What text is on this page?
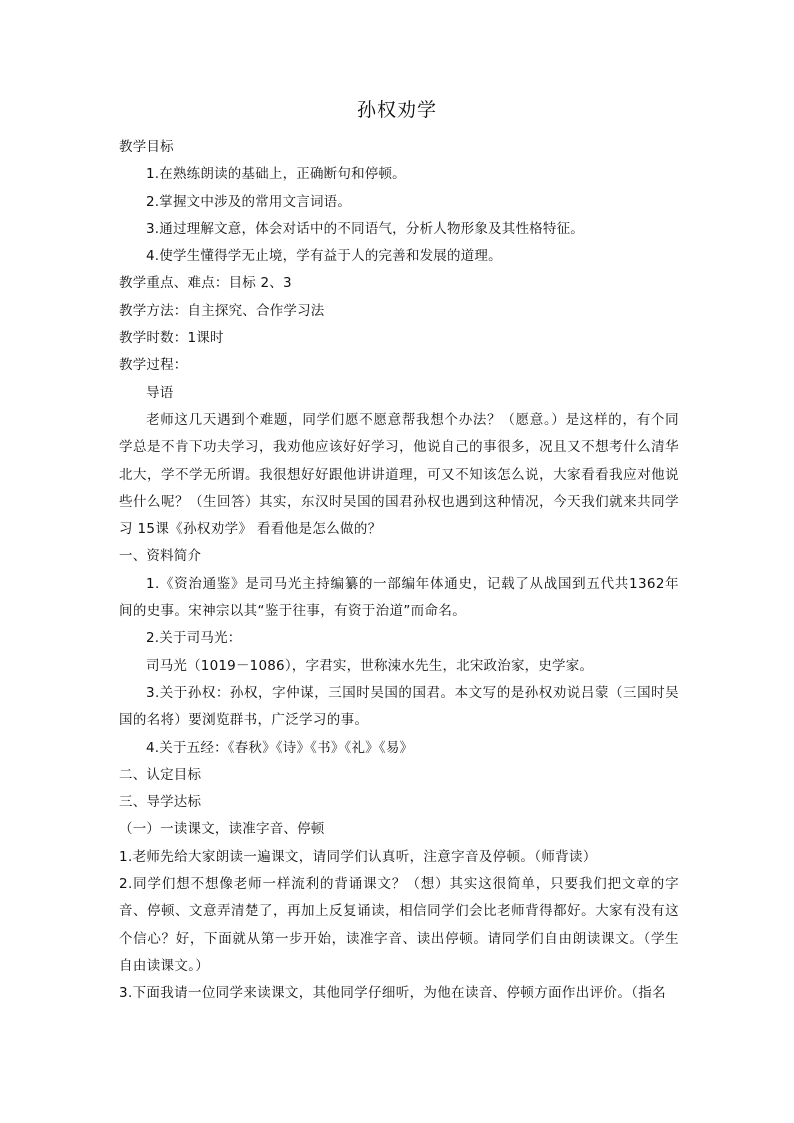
孙权劝学
教学目标
1.在熟练朗读的基础上，正确断句和停顿。
2.掌握文中涉及的常用文言词语。
3.通过理解文意，体会对话中的不同语气，分析人物形象及其性格特征。
4.使学生懂得学无止境，学有益于人的完善和发展的道理。
教学重点、难点：目标 2、3
教学方法：自主探究、合作学习法
教学时数：1课时
教学过程：
导语
老师这几天遇到个难题，同学们愿不愿意帮我想个办法？（愿意。）是这样的，有个同学总是不肯下功夫学习，我劝他应该好好学习，他说自己的事很多，况且又不想考什么清华北大，学不学无所谓。我很想好好跟他讲讲道理，可又不知该怎么说，大家看看我应对他说些什么呢？（生回答）其实，东汉时吴国的国君孙权也遇到这种情况，今天我们就来共同学习 15课《孙权劝学》 看看他是怎么做的？
一、资料简介
1.《资治通鉴》是司马光主持编纂的一部编年体通史，记载了从战国到五代共1362年间的史事。宋神宗以其“鉴于往事，有资于治道”而命名。
2.关于司马光：
司马光（1019－1086），字君实，世称涑水先生，北宋政治家，史学家。
3.关于孙权：孙权，字仲谋，三国时吴国的国君。本文写的是孙权劝说吕蒙（三国时吴国的名将）要浏览群书，广泛学习的事。
4.关于五经：《春秋》《诗》《书》《礼》《易》
二、认定目标
三、导学达标
（一）一读课文，读准字音、停顿
1.老师先给大家朗读一遍课文，请同学们认真听，注意字音及停顿。（师背读）
2.同学们想不想像老师一样流利的背诵课文？（想）其实这很简单，只要我们把文章的字音、停顿、文意弄清楚了，再加上反复诵读，相信同学们会比老师背得都好。大家有没有这个信心？好，下面就从第一步开始，读准字音、读出停顿。请同学们自由朗读课文。（学生自由读课文。）
3.下面我请一位同学来读课文，其他同学仔细听，为他在读音、停顿方面作出评价。（指名
